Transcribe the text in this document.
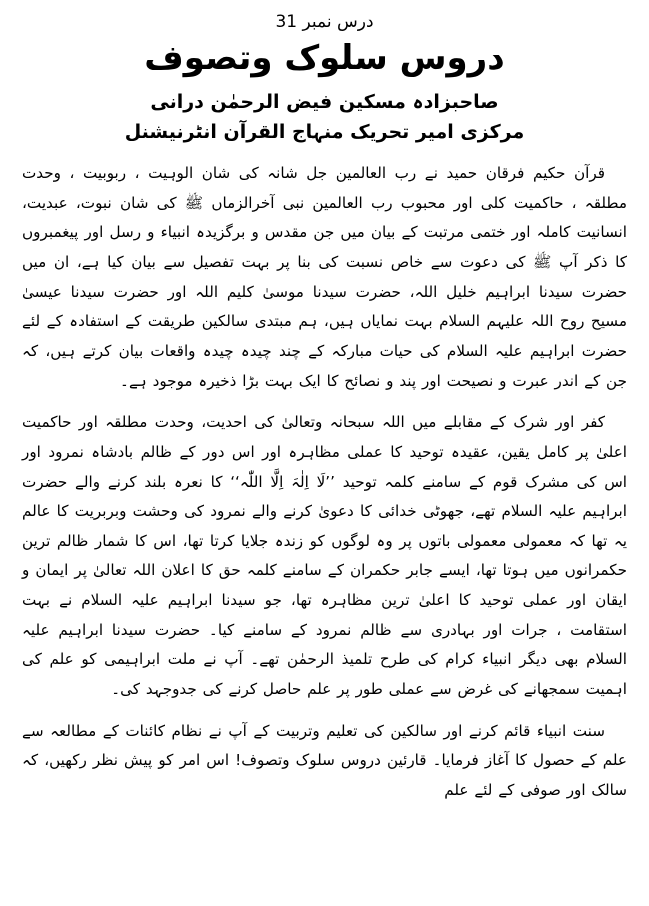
درس نمبر 31
دروس سلوک وتصوف
صاحبزادہ مسکین فیض الرحمٰن درانی
مرکزی امیر تحریک منہاج القرآن انٹرنیشنل
قرآن حکیم فرقان حمید نے رب العالمین جل شانہ کی شان الوہیت ، ربوبیت ، وحدت مطلقہ ، حاکمیت کلی اور محبوب رب العالمین نبی آخرالزماں ﷺ کی شان نبوت، عبدیت، انسانیت کاملہ اور ختمی مرتبت کے بیان میں جن مقدس و برگزیدہ انبیاء و رسل اور پیغمبروں کا ذکر آپ ﷺ کی دعوت سے خاص نسبت کی بنا پر بہت تفصیل سے بیان کیا ہے، ان میں حضرت سیدنا ابراہیم خلیل اللہ، حضرت سیدنا موسیٰ کلیم اللہ اور حضرت سیدنا عیسیٰ مسیح روح اللہ علیہم السلام بہت نمایاں ہیں، ہم مبتدی سالکین طریقت کے استفادہ کے لئے حضرت ابراہیم علیہ السلام کی حیات مبارکہ کے چند چیدہ چیدہ واقعات بیان کرتے ہیں، کہ جن کے اندر عبرت و نصیحت اور پند و نصائح کا ایک بہت بڑا ذخیرہ موجود ہے۔
کفر اور شرک کے مقابلے میں اللہ سبحانہ وتعالیٰ کی احدیت، وحدت مطلقہ اور حاکمیت اعلیٰ پر کامل یقین، عقیدہ توحید کا عملی مظاہرہ اور اس دور کے ظالم بادشاہ نمرود اور اس کی مشرک قوم کے سامنے کلمہ توحید ’’لَا اِلٰہَ اِلَّا اللّٰہ‘‘ کا نعرہ بلند کرنے والے حضرت ابراہیم علیہ السلام تھے، جھوٹی خدائی کا دعویٰ کرنے والے نمرود کی وحشت وبربریت کا عالم یہ تھا کہ معمولی معمولی باتوں پر وہ لوگوں کو زندہ جلایا کرتا تھا، اس کا شمار ظالم ترین حکمرانوں میں ہوتا تھا، ایسے جابر حکمران کے سامنے کلمہ حق کا اعلان اللہ تعالیٰ پر ایمان و ایقان اور عملی توحید کا اعلیٰ ترین مظاہرہ تھا، جو سیدنا ابراہیم علیہ السلام نے بہت استقامت ، جرات اور بہادری سے ظالم نمرود کے سامنے کیا۔ حضرت سیدنا ابراہیم علیہ السلام بھی دیگر انبیاء کرام کی طرح تلمیذ الرحمٰن تھے۔ آپ نے ملت ابراہیمی کو علم کی اہمیت سمجھانے کی غرض سے عملی طور پر علم حاصل کرنے کی جدوجہد کی۔
سنت انبیاء قائم کرنے اور سالکین کی تعلیم وتربیت کے آپ نے نظام کائنات کے مطالعہ سے علم کے حصول کا آغاز فرمایا۔ قارئین دروس سلوک وتصوف! اس امر کو پیش نظر رکھیں، کہ سالک اور صوفی کے لئے علم
